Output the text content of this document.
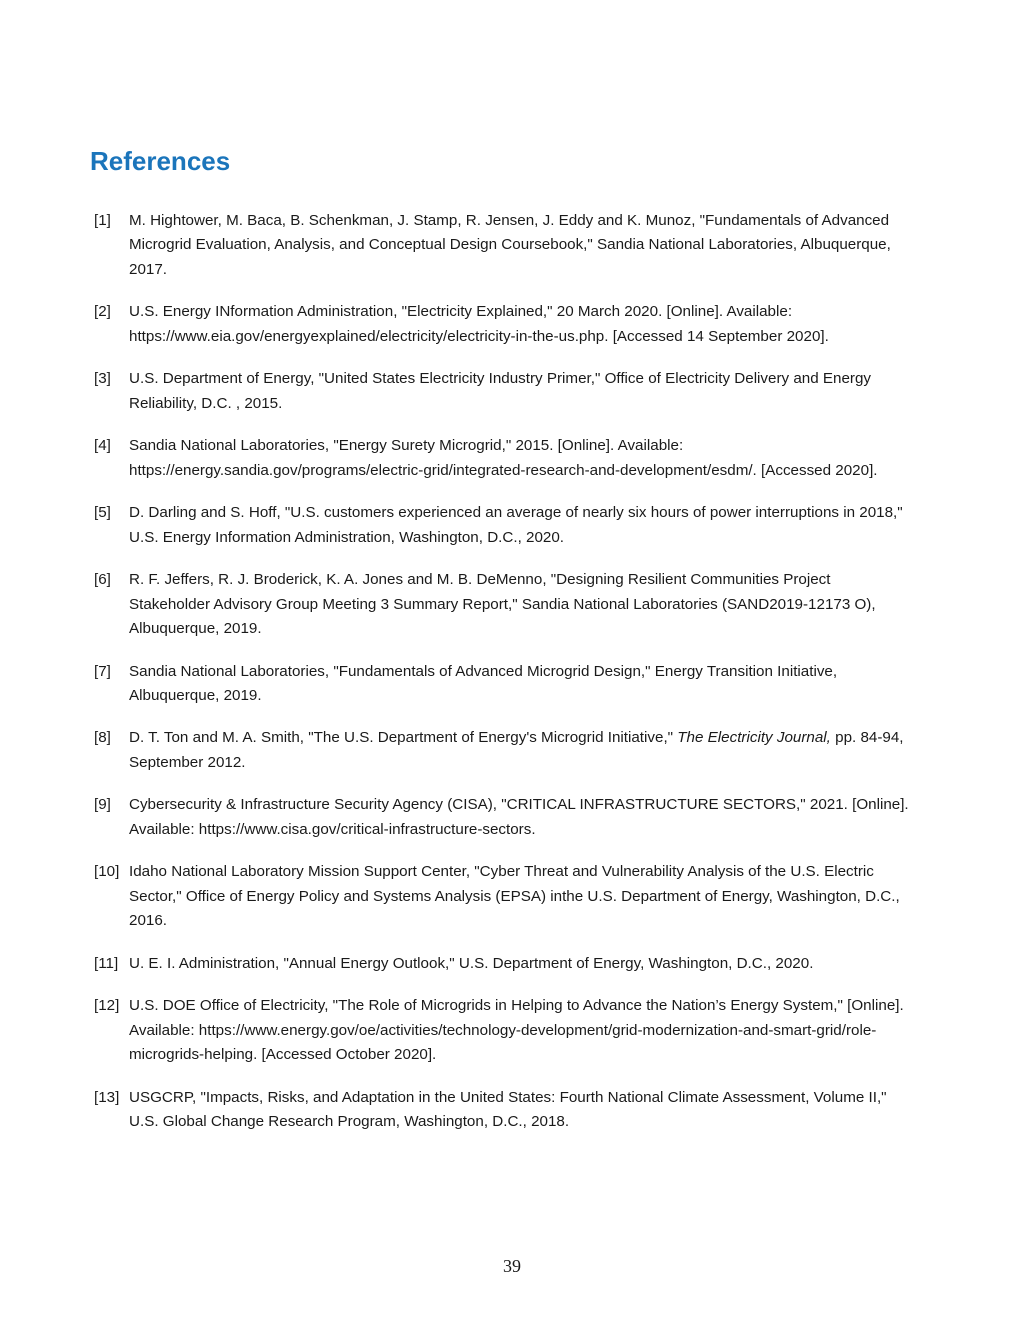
References
[1]	M. Hightower, M. Baca, B. Schenkman, J. Stamp, R. Jensen, J. Eddy and K. Munoz, "Fundamentals of Advanced Microgrid Evaluation, Analysis, and Conceptual Design Coursebook," Sandia National Laboratories, Albuquerque, 2017.
[2]	U.S. Energy INformation Administration, "Electricity Explained," 20 March 2020. [Online]. Available: https://www.eia.gov/energyexplained/electricity/electricity-in-the-us.php. [Accessed 14 September 2020].
[3]	U.S. Department of Energy, "United States Electricity Industry Primer," Office of Electricity Delivery and Energy Reliability, D.C. , 2015.
[4]	Sandia National Laboratories, "Energy Surety Microgrid," 2015. [Online]. Available: https://energy.sandia.gov/programs/electric-grid/integrated-research-and-development/esdm/. [Accessed 2020].
[5]	D. Darling and S. Hoff, "U.S. customers experienced an average of nearly six hours of power interruptions in 2018," U.S. Energy Information Administration, Washington, D.C., 2020.
[6]	R. F. Jeffers, R. J. Broderick, K. A. Jones and M. B. DeMenno, "Designing Resilient Communities Project Stakeholder Advisory Group Meeting 3 Summary Report," Sandia National Laboratories (SAND2019-12173 O), Albuquerque, 2019.
[7]	Sandia National Laboratories, "Fundamentals of Advanced Microgrid Design," Energy Transition Initiative, Albuquerque, 2019.
[8]	D. T. Ton and M. A. Smith, "The U.S. Department of Energy's Microgrid Initiative," The Electricity Journal, pp. 84-94, September 2012.
[9]	Cybersecurity & Infrastructure Security Agency (CISA), "CRITICAL INFRASTRUCTURE SECTORS," 2021. [Online]. Available: https://www.cisa.gov/critical-infrastructure-sectors.
[10] Idaho National Laboratory Mission Support Center, "Cyber Threat and Vulnerability Analysis of the U.S. Electric Sector," Office of Energy Policy and Systems Analysis (EPSA) inthe U.S. Department of Energy, Washington, D.C., 2016.
[11] U. E. I. Administration, "Annual Energy Outlook," U.S. Department of Energy, Washington, D.C., 2020.
[12] U.S. DOE Office of Electricity, "The Role of Microgrids in Helping to Advance the Nation’s Energy System," [Online]. Available: https://www.energy.gov/oe/activities/technology-development/grid-modernization-and-smart-grid/role-microgrids-helping. [Accessed October 2020].
[13] USGCRP, "Impacts, Risks, and Adaptation in the United States: Fourth National Climate Assessment, Volume II," U.S. Global Change Research Program, Washington, D.C., 2018.
39
